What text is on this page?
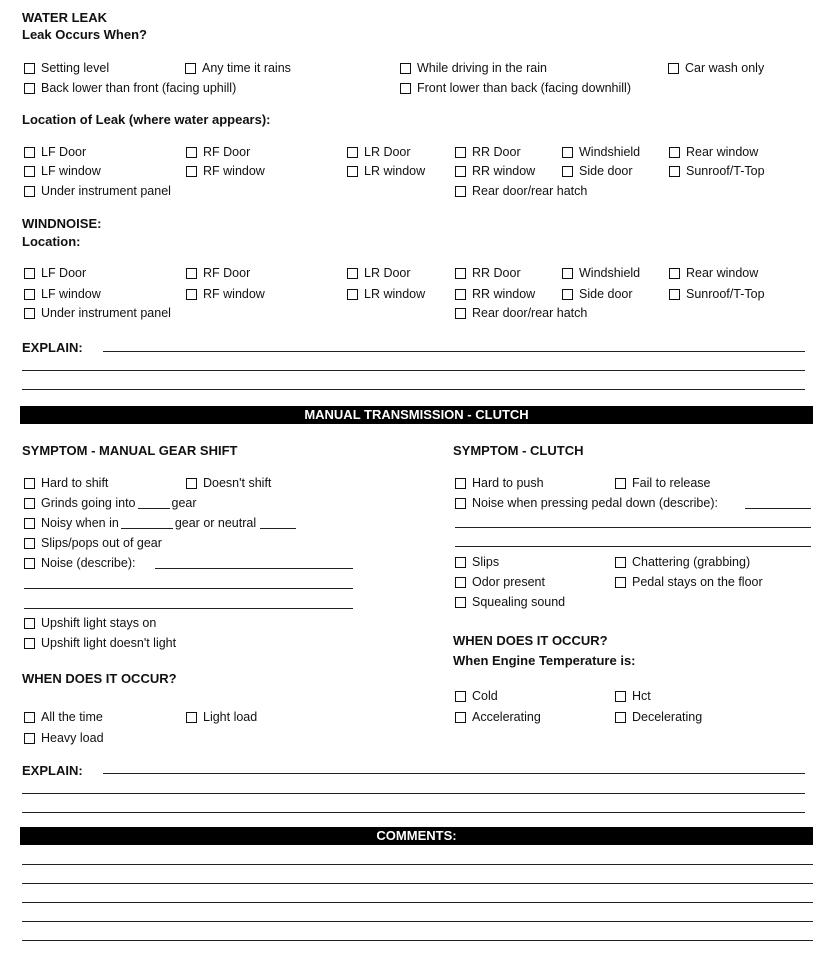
WATER LEAK
Leak Occurs When?
Setting level	Any time it rains	While driving in the rain	Car wash only
Back lower than front (facing uphill)	Front lower than back (facing downhill)
Location of Leak (where water appears):
LF Door	RF Door	LR Door	RR Door	Windshield	Rear window
LF window	RF window	LR window	RR window	Side door	Sunroof/T-Top
Under instrument panel	Rear door/rear hatch
WINDNOISE:
Location:
LF Door	RF Door	LR Door	RR Door	Windshield	Rear window
LF window	RF window	LR window	RR window	Side door	Sunroof/T-Top
Under instrument panel	Rear door/rear hatch
EXPLAIN:
MANUAL TRANSMISSION - CLUTCH
SYMPTOM - MANUAL GEAR SHIFT
Hard to shift	Doesn't shift
Grinds going into	gear
Noisy when in	gear or neutral
Slips/pops out of gear
Noise (describe):
Upshift light stays on
Upshift light doesn't light
WHEN DOES IT OCCUR?
All the time	Light load
Heavy load
SYMPTOM - CLUTCH
Hard to push	Fail to release
Noise when pressing pedal down (describe):
Slips	Chattering (grabbing)
Odor present	Pedal stays on the floor
Squealing sound
WHEN DOES IT OCCUR?
When Engine Temperature is:
Cold	Hct
Accelerating	Decelerating
EXPLAIN:
COMMENTS:
